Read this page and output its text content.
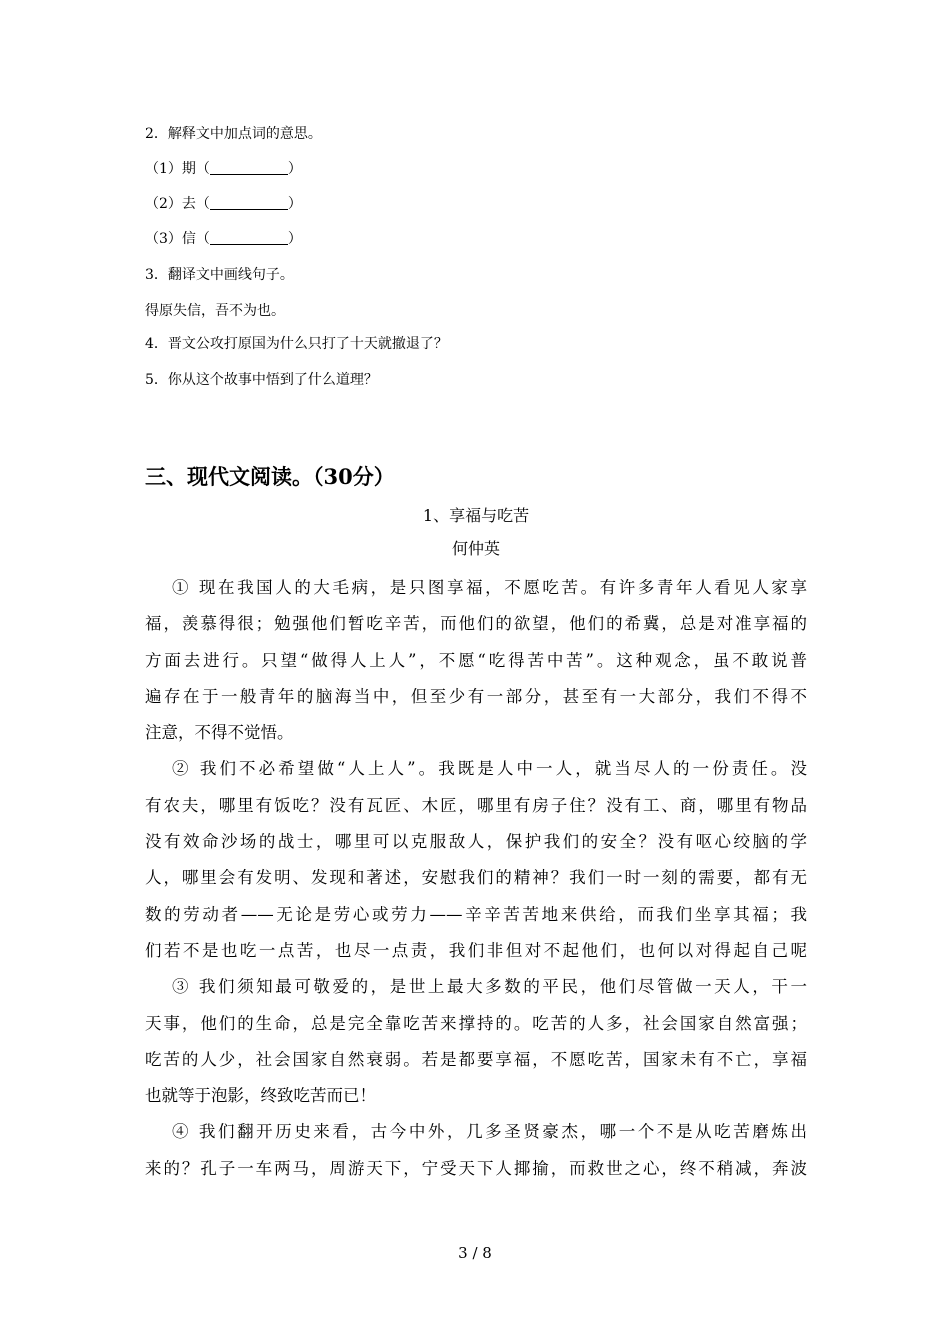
2．解释文中加点词的意思。
（1）期（	）
（2）去（	）
（3）信（	）
3．翻译文中画线句子。
得原失信，吾不为也。
4．晋文公攻打原国为什么只打了十天就撤退了？
5．你从这个故事中悟到了什么道理？
三、现代文阅读。（30分）
1、享福与吃苦
何仲英
① 现在我国人的大毛病，是只图享福，不愿吃苦。有许多青年人看见人家享
福，羡慕得很；勉强他们暂吃辛苦，而他们的欲望，他们的希冀，总是对准享福的
方面去进行。只望“做得人上人”，不愿“吃得苦中苦”。这种观念，虽不敢说普
遍存在于一般青年的脑海当中，但至少有一部分，甚至有一大部分，我们不得不
注意，不得不觉悟。
② 我们不必希望做“人上人”。我既是人中一人，就当尽人的一份责任。没
有农夫，哪里有饭吃？没有瓦匠、木匠，哪里有房子住？没有工、商，哪里有物品
没有效命沙场的战士，哪里可以克服敌人，保护我们的安全？没有呕心绞脑的学
人，哪里会有发明、发现和著述，安慰我们的精神？我们一时一刻的需要，都有无
数的劳动者——无论是劳心或劳力——辛辛苦苦地来供给，而我们坐享其福；我
们若不是也吃一点苦，也尽一点责，我们非但对不起他们，也何以对得起自己呢
③ 我们须知最可敬爱的，是世上最大多数的平民，他们尽管做一天人，干一
天事，他们的生命，总是完全靠吃苦来撑持的。吃苦的人多，社会国家自然富强；
吃苦的人少，社会国家自然衰弱。若是都要享福，不愿吃苦，国家未有不亡，享福
也就等于泡影，终致吃苦而已！
④ 我们翻开历史来看，古今中外，几多圣贤豪杰，哪一个不是从吃苦磨炼出
来的？孔子一车两马，周游天下，宁受天下人揶揄，而救世之心，终不稍减，奔波
3 / 8
